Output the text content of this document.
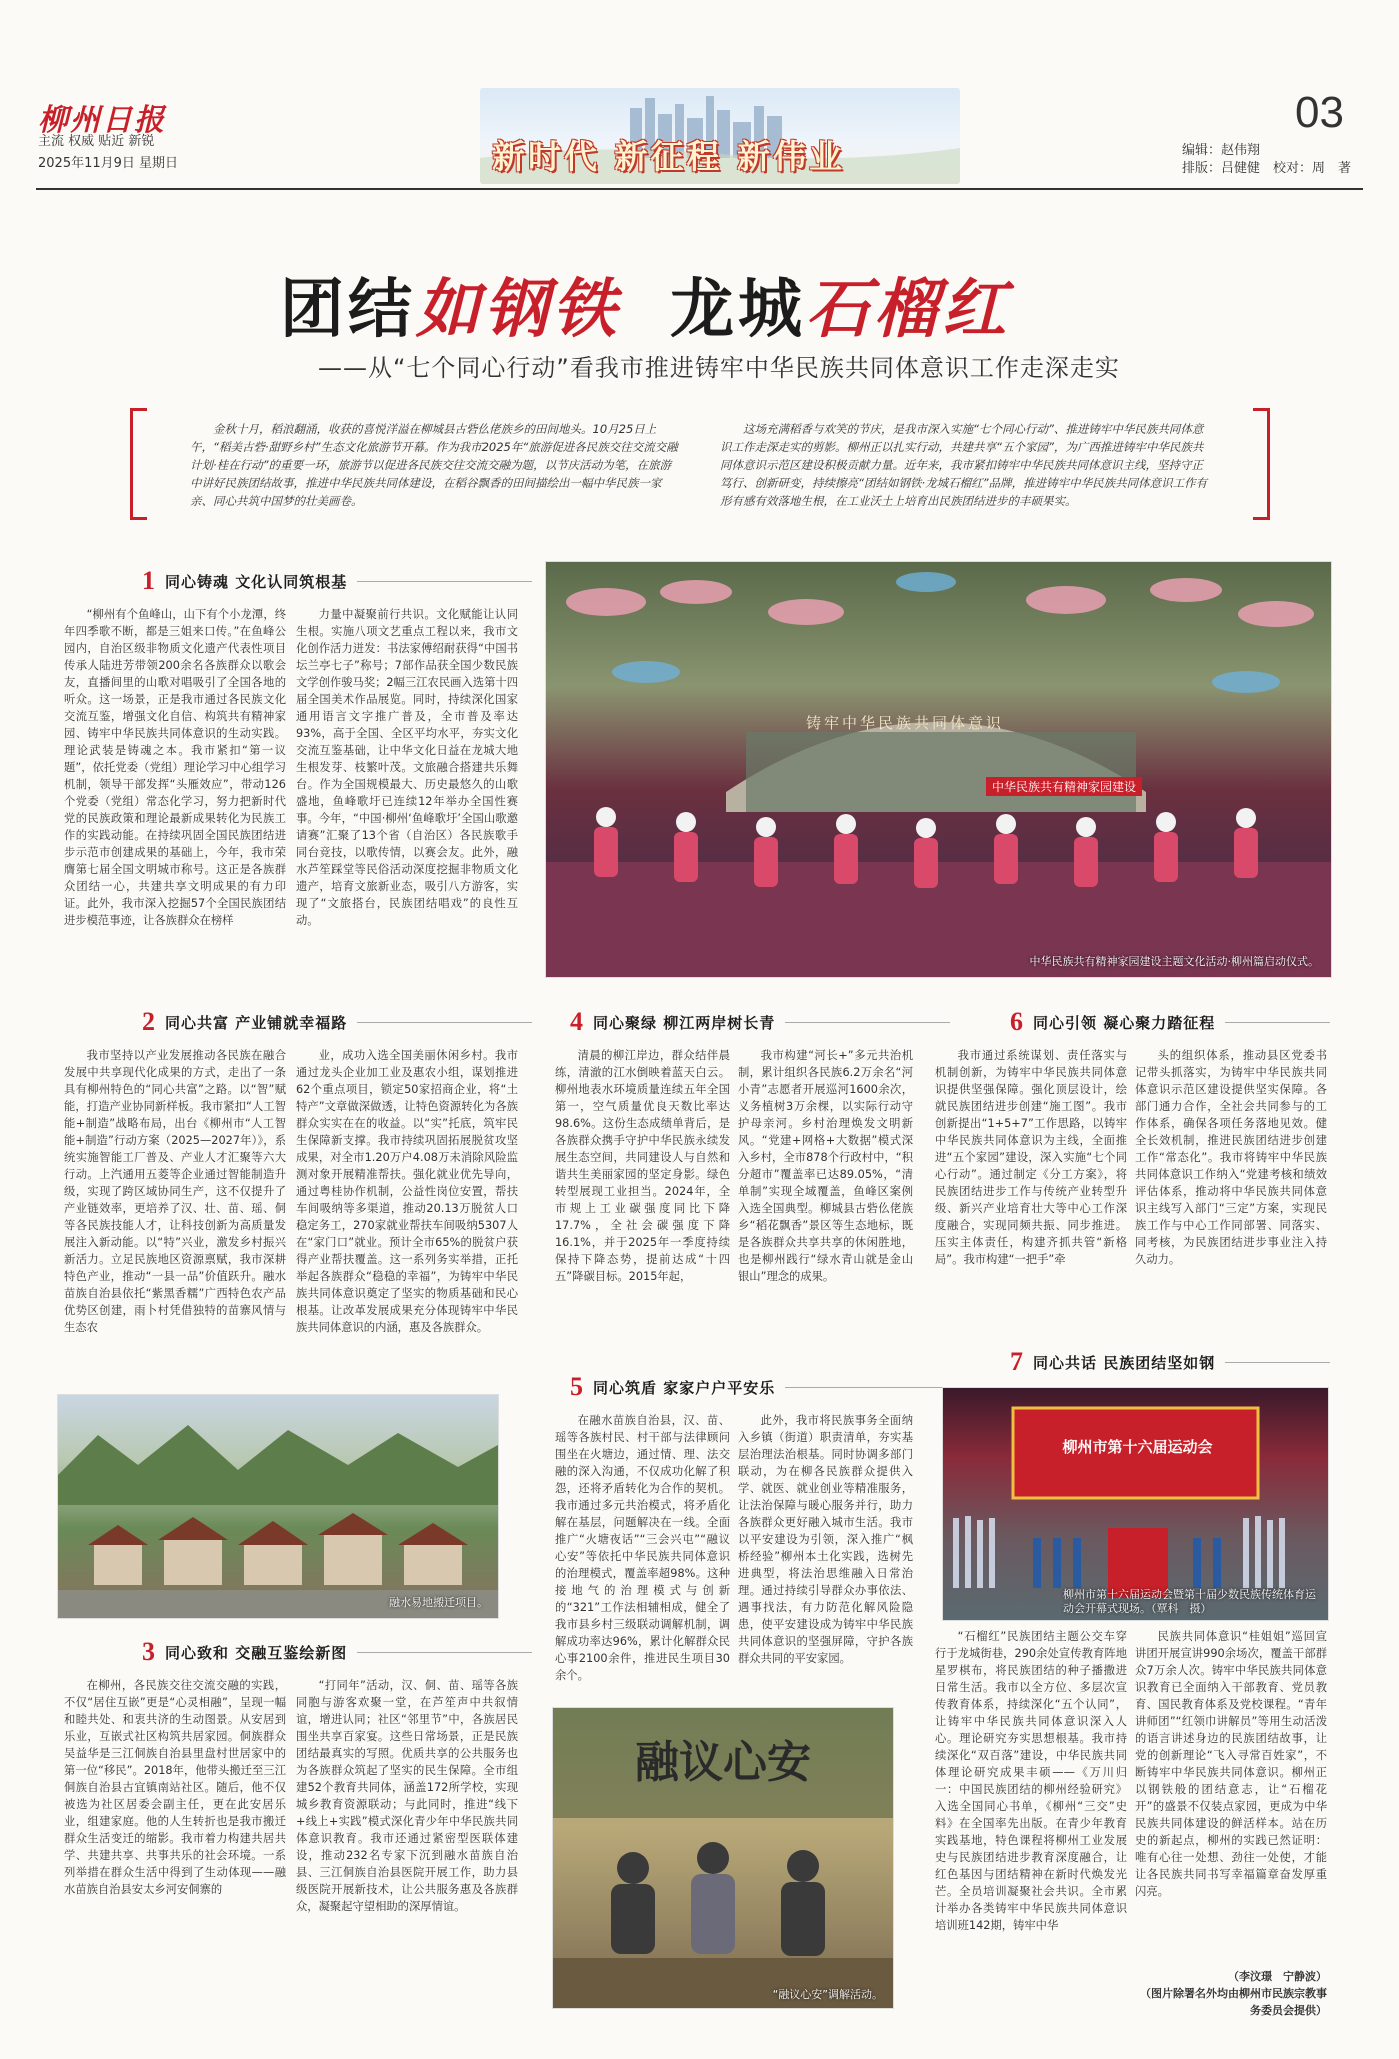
柳州日报
主流 权威 贴近 新锐
2025年11月9日 星期日	新时代 新征程 新伟业
03
编辑：赵伟翔
排版：吕健健　校对：周　著
团结如钢铁 龙城石榴红
——从“七个同心行动”看我市推进铸牢中华民族共同体意识工作走深走实
金秋十月，稻浪翻涌，收获的喜悦洋溢在柳城县古砦仫佬族乡的田间地头。10月25日上午，“稻美古砦·甜野乡村”生态文化旅游节开幕。作为我市2025年“旅游促进各民族交往交流交融计划·桂在行动”的重要一环，旅游节以促进各民族交往交流交融为题，以节庆活动为笔，在旅游中讲好民族团结故事，推进中华民族共同体建设，在稻谷飘香的田间描绘出一幅中华民族一家亲、同心共筑中国梦的壮美画卷。
这场充满稻香与欢笑的节庆，是我市深入实施“七个同心行动”、推进铸牢中华民族共同体意识工作走深走实的剪影。柳州正以扎实行动，共建共享“五个家园”，为广西推进铸牢中华民族共同体意识示范区建设积极贡献力量。近年来，我市紧扣铸牢中华民族共同体意识主线，坚持守正笃行、创新研变，持续擦亮“团结如钢铁·龙城石榴红”品牌，推进铸牢中华民族共同体意识工作有形有感有效落地生根，在工业沃土上培育出民族团结进步的丰硕果实。
1 同心铸魂 文化认同筑根基
“柳州有个鱼峰山，山下有个小龙潭，终年四季歌不断，都是三姐来口传。”在鱼峰公园内，自治区级非物质文化遗产代表性项目传承人陆进芳带领200余名各族群众以歌会友，直播间里的山歌对唱吸引了全国各地的听众。这一场景，正是我市通过各民族文化交流互鉴，增强文化自信、构筑共有精神家园、铸牢中华民族共同体意识的生动实践。理论武装是铸魂之本。我市紧扣“第一议题”，依托党委（党组）理论学习中心组学习机制，领导干部发挥“头雁效应”，带动126个党委（党组）常态化学习，努力把新时代党的民族政策和理论最新成果转化为民族工作的实践动能。在持续巩固全国民族团结进步示范市创建成果的基础上，今年，我市荣膺第七届全国文明城市称号。这正是各族群众团结一心，共建共享文明成果的有力印证。此外，我市深入挖掘57个全国民族团结进步模范事迹，让各族群众在榜样
力量中凝聚前行共识。文化赋能让认同生根。实施八项文艺重点工程以来，我市文化创作活力迸发：书法家傅绍耐获得“中国书坛兰亭七子”称号；7部作品获全国少数民族文学创作骏马奖；2幅三江农民画入选第十四届全国美术作品展览。同时，持续深化国家通用语言文字推广普及，全市普及率达93%，高于全国、全区平均水平，夯实文化交流互鉴基础，让中华文化日益在龙城大地生根发芽、枝繁叶茂。文旅融合搭建共乐舞台。作为全国规模最大、历史最悠久的山歌盛地，鱼峰歌圩已连续12年举办全国性赛事。今年，“中国·柳州‘鱼峰歌圩’全国山歌邀请赛”汇聚了13个省（自治区）各民族歌手同台竞技，以歌传情，以赛会友。此外，融水芦笙踩堂等民俗活动深度挖掘非物质文化遗产，培育文旅新业态，吸引八方游客，实现了“文旅搭台，民族团结唱戏”的良性互动。
铸牢中华民族共同体意识
中华民族共有精神家园建设
中华民族共有精神家园建设主题文化活动·柳州篇启动仪式。
2 同心共富 产业铺就幸福路
我市坚持以产业发展推动各民族在融合发展中共享现代化成果的方式，走出了一条具有柳州特色的“同心共富”之路。以“智”赋能，打造产业协同新样板。我市紧扣“人工智能+制造”战略布局，出台《柳州市“人工智能+制造”行动方案（2025—2027年）》，系统实施智能工厂普及、产业人才汇聚等六大行动。上汽通用五菱等企业通过智能制造升级，实现了跨区域协同生产，这不仅提升了产业链效率，更培养了汉、壮、苗、瑶、侗等各民族技能人才，让科技创新为高质量发展注入新动能。以“特”兴业，激发乡村振兴新活力。立足民族地区资源禀赋，我市深耕特色产业，推动“一县一品”价值跃升。融水苗族自治县依托“紫黑香糯”广西特色农产品优势区创建，雨卜村凭借独特的苗寨风情与生态农
业，成功入选全国美丽休闲乡村。我市通过龙头企业加工业及惠农小组，谋划推进62个重点项目，锁定50家招商企业，将“土特产”文章做深做透，让特色资源转化为各族群众实实在在的收益。以“实”托底，筑牢民生保障新支撑。我市持续巩固拓展脱贫攻坚成果，对全市1.20万户4.08万未消除风险监测对象开展精准帮扶。强化就业优先导向，通过粤桂协作机制，公益性岗位安置，帮扶车间吸纳等多渠道，推动20.13万脱贫人口稳定务工，270家就业帮扶车间吸纳5307人在“家门口”就业。预计全市65%的脱贫户获得产业帮扶覆盖。这一系列务实举措，正托举起各族群众“稳稳的幸福”，为铸牢中华民族共同体意识奠定了坚实的物质基础和民心根基。让改革发展成果充分体现铸牢中华民族共同体意识的内涵，惠及各族群众。
融水易地搬迁项目。
3 同心致和 交融互鉴绘新图
在柳州，各民族交往交流交融的实践，不仅“居住互嵌”更是“心灵相融”，呈现一幅和睦共处、和衷共济的生动图景。从安居到乐业，互嵌式社区构筑共居家园。侗族群众吴益华是三江侗族自治县里盘村世居家中的第一位“移民”。2018年，他带头搬迁至三江侗族自治县古宜镇南站社区。随后，他不仅被选为社区居委会副主任，更在此安居乐业，组建家庭。他的人生转折也是我市搬迁群众生活变迁的缩影。我市着力构建共居共学、共建共享、共事共乐的社会环境。一系列举措在群众生活中得到了生动体现——融水苗族自治县安太乡河安侗寨的
“打同年”活动，汉、侗、苗、瑶等各族同胞与游客欢聚一堂，在芦笙声中共叙情谊，增进认同；社区“邻里节”中，各族居民围坐共享百家宴。这些日常场景，正是民族团结最真实的写照。优质共享的公共服务也为各族群众筑起了坚实的民生保障。全市组建52个教育共同体，涵盖172所学校，实现城乡教育资源联动；与此同时，推进“线下+线上+实践”模式深化青少年中华民族共同体意识教育。我市还通过紧密型医联体建设，推动232名专家下沉到融水苗族自治县、三江侗族自治县医院开展工作，助力县级医院开展新技术，让公共服务惠及各族群众，凝聚起守望相助的深厚情谊。
4 同心聚绿 柳江两岸树长青
清晨的柳江岸边，群众结伴晨练，清澈的江水倒映着蓝天白云。柳州地表水环境质量连续五年全国第一，空气质量优良天数比率达98.6%。这份生态成绩单背后，是各族群众携手守护中华民族永续发展生态空间，共同建设人与自然和谐共生美丽家园的坚定身影。绿色转型展现工业担当。2024年，全市规上工业碳强度同比下降17.7%，全社会碳强度下降16.1%，并于2025年一季度持续保持下降态势，提前达成“十四五”降碳目标。2015年起，
我市构建“河长+”多元共治机制，累计组织各民族6.2万余名“河小青”志愿者开展巡河1600余次，义务植树3万余棵，以实际行动守护母亲河。乡村治理焕发文明新风。“党建+网格+大数据”模式深入乡村，全市878个行政村中，“积分超市”覆盖率已达89.05%，“清单制”实现全域覆盖，鱼峰区案例入选全国典型。柳城县古砦仫佬族乡“稻花飘香”景区等生态地标，既是各族群众共享共享的休闲胜地，也是柳州践行“绿水青山就是金山银山”理念的成果。
5 同心筑盾 家家户户平安乐
在融水苗族自治县，汉、苗、瑶等各族村民、村干部与法律顾问围坐在火塘边，通过情、理、法交融的深入沟通，不仅成功化解了积怨，还将矛盾转化为合作的契机。我市通过多元共治模式，将矛盾化解在基层，问题解决在一线。全面推广“火塘夜话”“三会兴屯”“融议心安”等依托中华民族共同体意识的治理模式，覆盖率超98%。这种接地气的治理模式与创新的“321”工作法相辅相成，健全了我市县乡村三级联动调解机制，调解成功率达96%，累计化解群众民心事2100余件，推进民生项目30余个。
此外，我市将民族事务全面纳入乡镇（街道）职责清单，夯实基层治理法治根基。同时协调多部门联动，为在柳各民族群众提供入学、就医、就业创业等精准服务，让法治保障与暖心服务并行，助力各族群众更好融入城市生活。我市以平安建设为引领，深入推广“枫桥经验”柳州本土化实践，选树先进典型，将法治思维融入日常治理。通过持续引导群众办事依法、遇事找法，有力防范化解风险隐患，使平安建设成为铸牢中华民族共同体意识的坚强屏障，守护各族群众共同的平安家园。
融议心安
“融议心安”调解活动。
6 同心引领 凝心聚力踏征程
我市通过系统谋划、责任落实与机制创新，为铸牢中华民族共同体意识提供坚强保障。强化顶层设计，绘就民族团结进步创建“施工图”。我市创新提出“1+5+7”工作思路，以铸牢中华民族共同体意识为主线，全面推进“五个家园”建设，深入实施“七个同心行动”。通过制定《分工方案》，将民族团结进步工作与传统产业转型升级、新兴产业培育壮大等中心工作深度融合，实现同频共振、同步推进。压实主体责任，构建齐抓共管“新格局”。我市构建“一把手”牵
头的组织体系，推动县区党委书记带头抓落实，为铸牢中华民族共同体意识示范区建设提供坚实保障。各部门通力合作，全社会共同参与的工作体系，确保各项任务落地见效。健全长效机制，推进民族团结进步创建工作“常态化”。我市将铸牢中华民族共同体意识工作纳入“党建考核和绩效评估体系，推动将中华民族共同体意识主线写入部门“三定”方案，实现民族工作与中心工作同部署、同落实、同考核，为民族团结进步事业注入持久动力。
7 同心共话 民族团结坚如钢
柳州市第十六届运动会
柳州市第十六届运动会暨第十届少数民族传统体育运动会开幕式现场。（覃科　摄）
“石榴红”民族团结主题公交车穿行于龙城街巷，290余处宣传教育阵地星罗棋布，将民族团结的种子播撒进日常生活。我市以全方位、多层次宣传教育体系，持续深化“五个认同”，让铸牢中华民族共同体意识深入人心。理论研究夯实思想根基。我市持续深化“双百落”建设，中华民族共同体理论研究成果丰硕——《万川归一：中国民族团结的柳州经验研究》入选全国同心书单，《柳州“三交”史料》在全国率先出版。在青少年教育实践基地，特色课程将柳州工业发展史与民族团结进步教育深度融合，让红色基因与团结精神在新时代焕发光芒。全员培训凝聚社会共识。全市累计举办各类铸牢中华民族共同体意识培训班142期，铸牢中华
民族共同体意识“桂姐姐”巡回宣讲团开展宣讲990余场次，覆盖干部群众7万余人次。铸牢中华民族共同体意识教育已全面纳入干部教育、党员教育、国民教育体系及党校课程。“青年讲师团”“红领巾讲解员”等用生动活泼的语言讲述身边的民族团结故事，让党的创新理论“飞入寻常百姓家”，不断铸牢中华民族共同体意识。柳州正以钢铁般的团结意志，让“石榴花开”的盛景不仅装点家园，更成为中华民族共同体建设的鲜活样本。站在历史的新起点，柳州的实践已然证明：唯有心往一处想、劲往一处使，才能让各民族共同书写幸福篇章奋发厚重闪亮。
（李汶璟　宁静波）
（图片除署名外均由柳州市民族宗教事务委员会提供）
